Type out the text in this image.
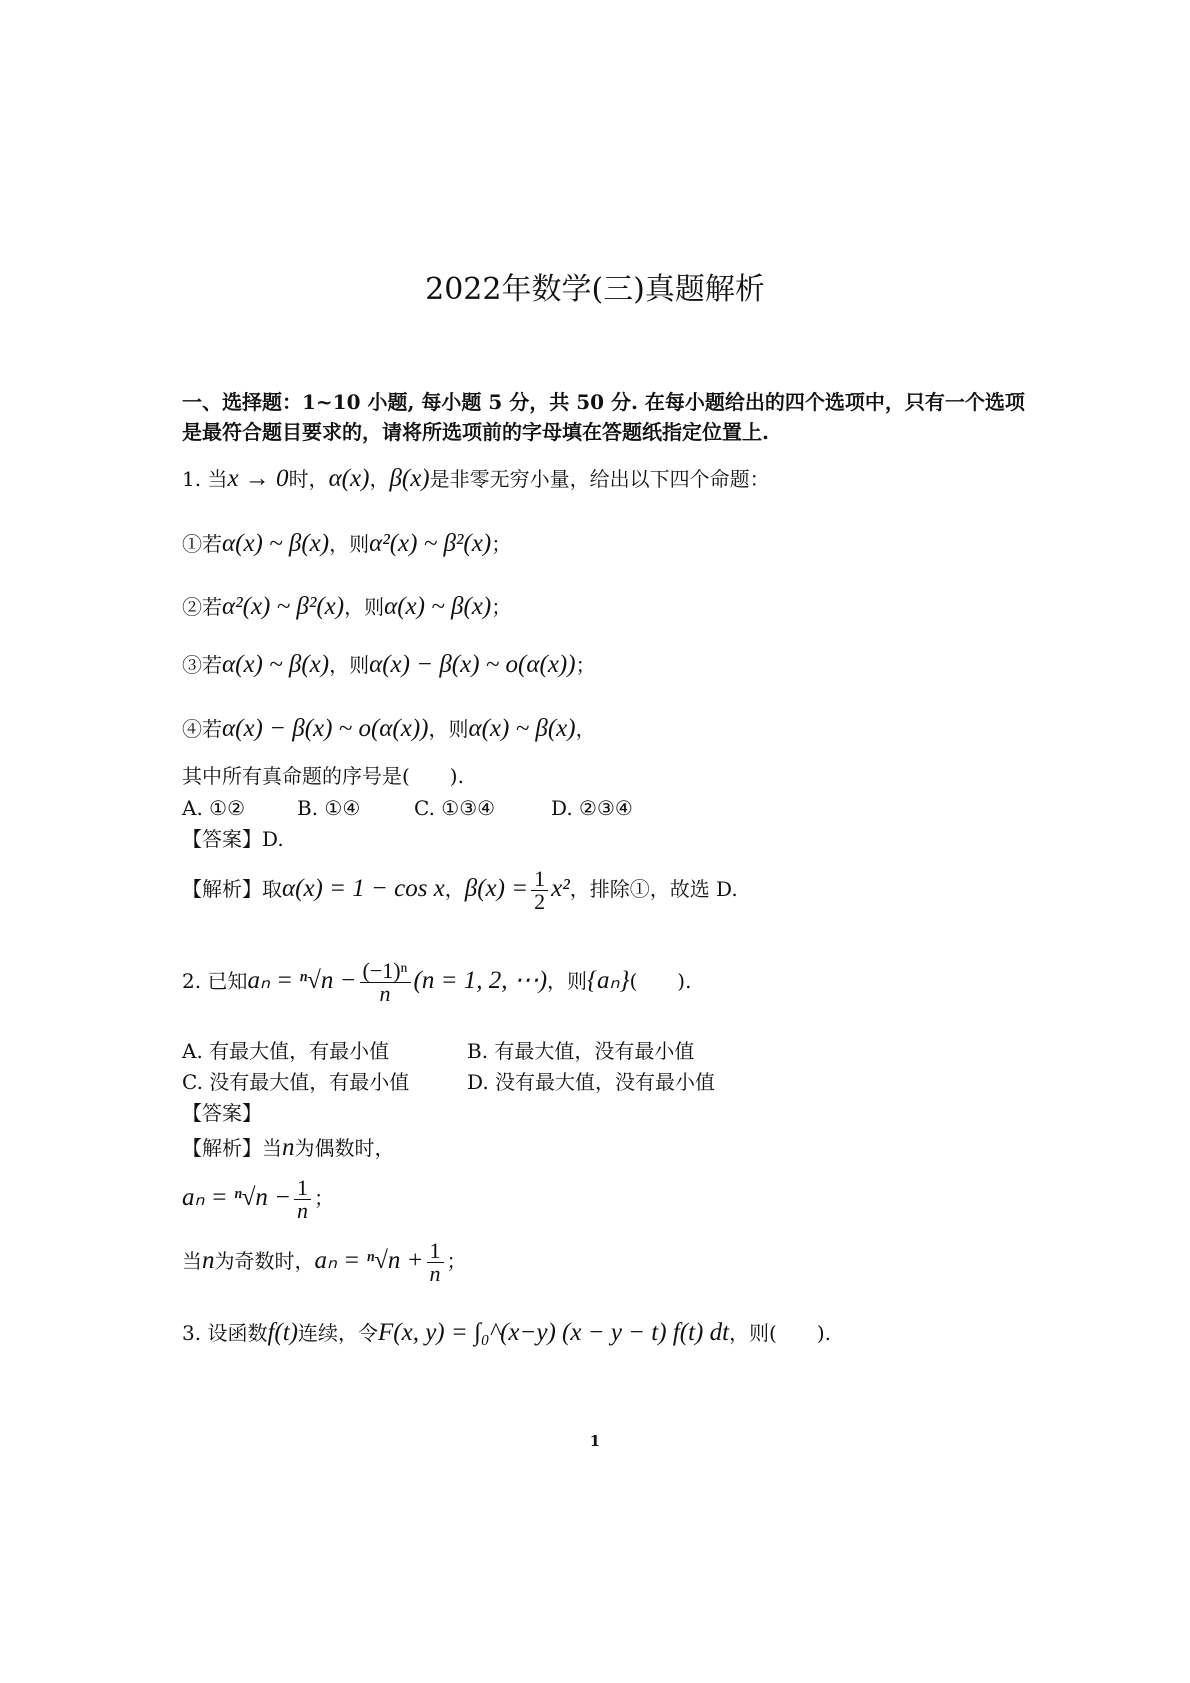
2022年数学(三)真题解析
一、选择题：1~10 小题, 每小题 5 分，共 50 分. 在每小题给出的四个选项中，只有一个选项
是最符合题目要求的，请将所选项前的字母填在答题纸指定位置上.
1. 当x → 0时，α(x)，β(x)是非零无穷小量，给出以下四个命题：
①若α(x) ~ β(x)，则α²(x) ~ β²(x)；
②若α²(x) ~ β²(x)，则α(x) ~ β(x)；
③若α(x) ~ β(x)，则α(x) − β(x) ~ o(α(x))；
④若α(x) − β(x) ~ o(α(x))，则α(x) ~ β(x)，
其中所有真命题的序号是(　　).
A. ①②	B. ①④	C. ①③④	D. ②③④
【答案】D.
【解析】取α(x) = 1 − cos x，$\beta(x) = \frac{1}{2} x^2$，排除①，故选 D.
2. 已知$a_n = ^n√n - \frac{\text{(−1)ⁿ}}{n} (n = 1$, 2, ⋯)，则{aₙ}(　　).
A. 有最大值，有最小值	B. 有最大值，没有最小值
C. 没有最大值，有最小值	D. 没有最大值，没有最小值
【答案】
【解析】当n为偶数时，
$a_n = ^n√n - \frac{1}{n}$ ；
当n为奇数时，$a_n = ^n√n + \frac{1}{n}$ ；
3. 设函数f(t)连续，令F(x, y) = ∫₀^(x−y) (x − y − t) f(t) dt，则(　　).
1
